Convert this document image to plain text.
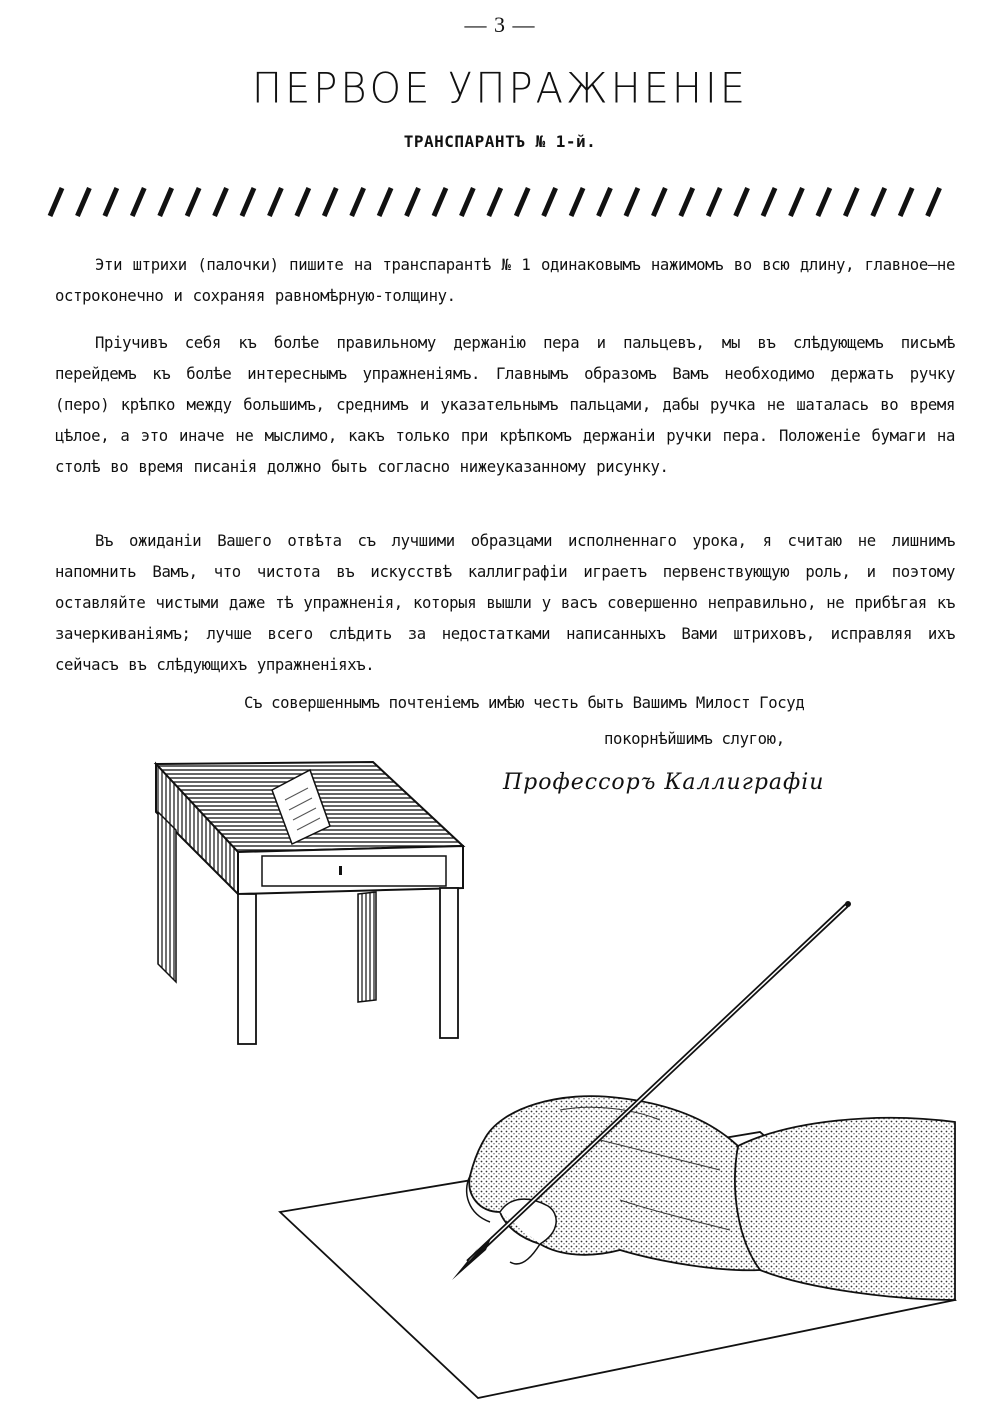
— 3 —
ПЕРВОЕ УПРАЖНЕНІЕ
ТРАНСПАРАНТЪ № 1-й.

Эти штрихи (палочки) пишите на транспарантѣ № 1 одинаковымъ нажимомъ во всю длину, главное—не остроконечно и сохраняя равномѣрную-толщину.

Пріучивъ себя къ болѣе правильному держанію пера и пальцевъ, мы въ слѣдующемъ письмѣ перейдемъ къ болѣе интереснымъ упражненіямъ. Главнымъ образомъ Вамъ необходимо держать ручку (перо) крѣпко между большимъ, среднимъ и указательнымъ пальцами, дабы ручка не шаталась во время цѣлое, а это иначе не мыслимо, какъ только при крѣпкомъ держаніи ручки пера. Положеніе бумаги на столѣ во время писанія должно быть согласно нижеуказанному рисунку.

Въ ожиданіи Вашего отвѣта съ лучшими образцами исполненнаго урока, я считаю не лишнимъ напомнить Вамъ, что чистота въ искусствѣ каллиграфіи играетъ первенствующую роль, и поэтому оставляйте чистыми даже тѣ упражненія, которыя вышли у васъ совершенно неправильно, не прибѣгая къ зачеркиваніямъ; лучше всего слѣдить за недостатками написанныхъ Вами штриховъ, исправляя ихъ сейчасъ въ слѣдующихъ упражненіяхъ.

Съ совершеннымъ почтеніемъ имѣю честь быть Вашимъ Милост Госуд
покорнѣйшимъ слугою,
Профессоръ Каллиграфіи
